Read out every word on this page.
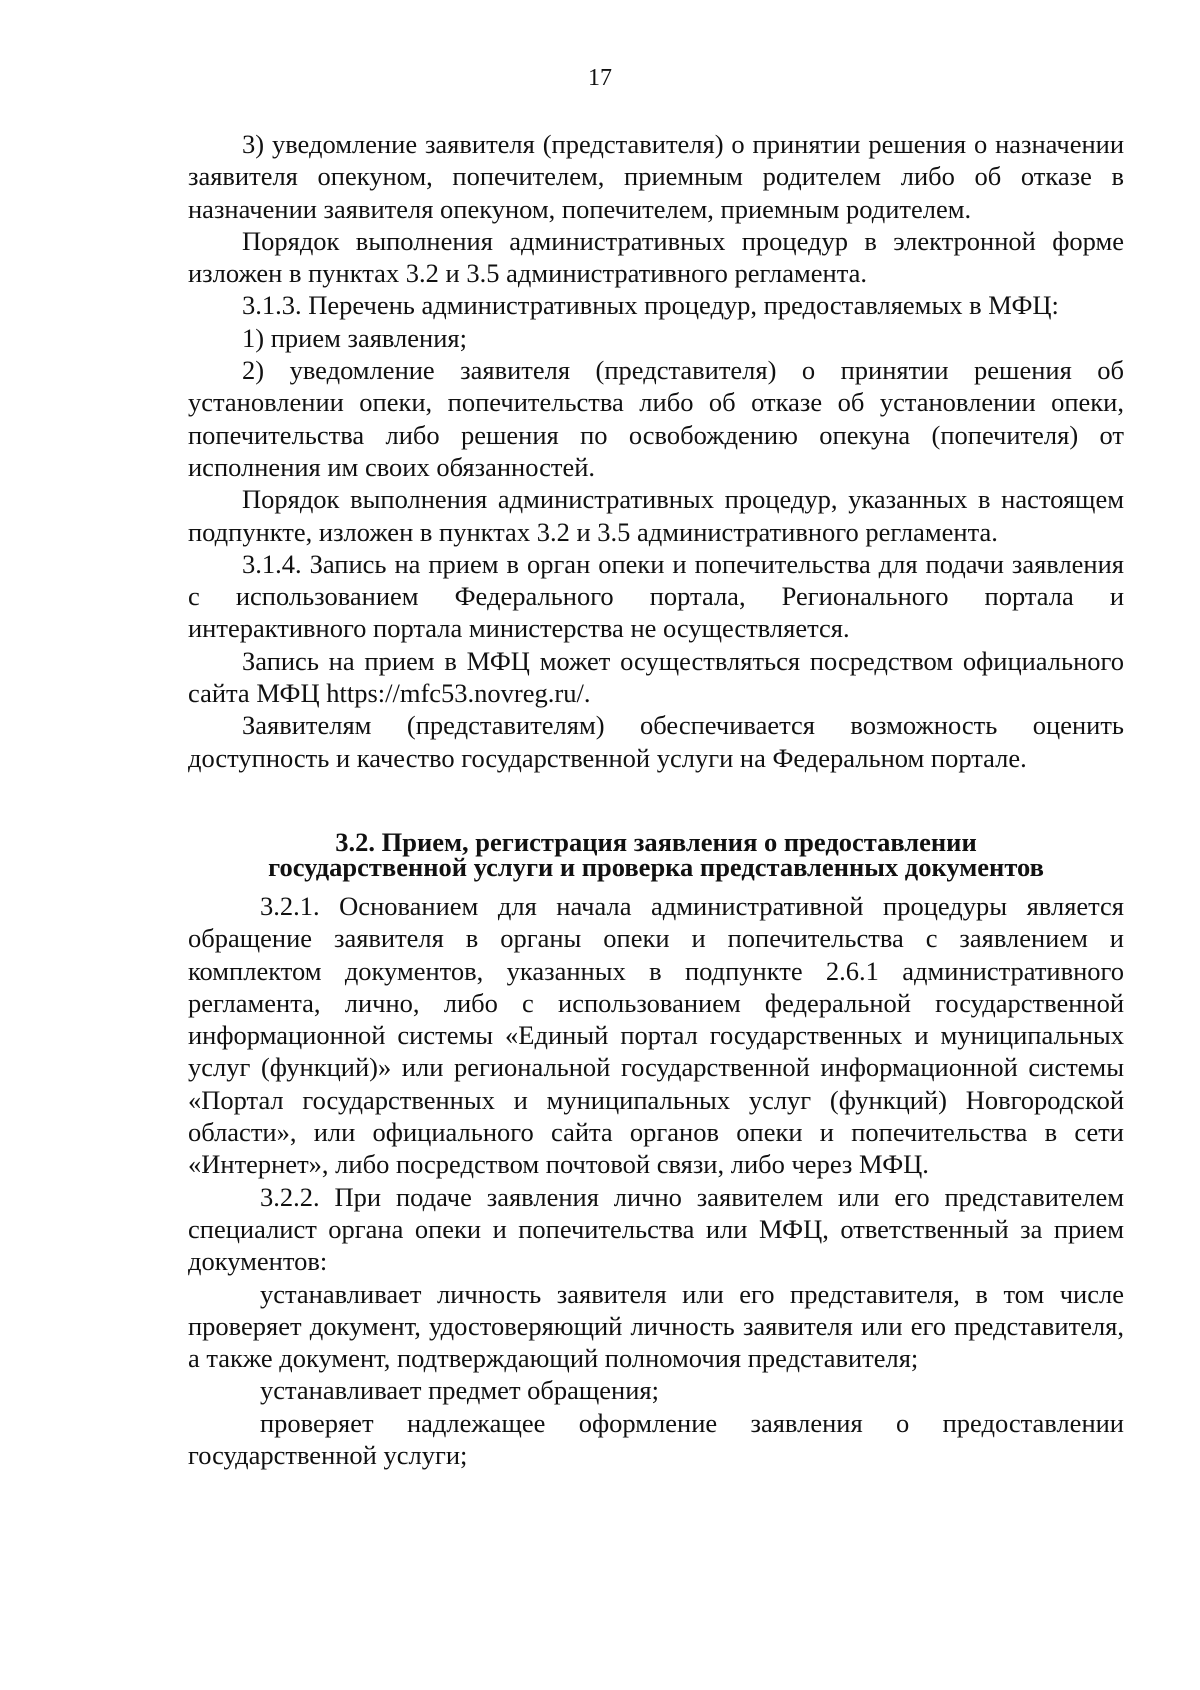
17

3) уведомление заявителя (представителя) о принятии решения о назначении заявителя опекуном, попечителем, приемным родителем либо об отказе в назначении заявителя опекуном, попечителем, приемным родителем.

Порядок выполнения административных процедур в электронной форме изложен в пунктах 3.2 и 3.5 административного регламента.

3.1.3. Перечень административных процедур, предоставляемых в МФЦ:

1) прием заявления;

2) уведомление заявителя (представителя) о принятии решения об установлении опеки, попечительства либо об отказе об установлении опеки, попечительства либо решения по освобождению опекуна (попечителя) от исполнения им своих обязанностей.

Порядок выполнения административных процедур, указанных в настоящем подпункте, изложен в пунктах 3.2 и 3.5 административного регламента.

3.1.4. Запись на прием в орган опеки и попечительства для подачи заявления с использованием Федерального портала, Регионального портала и интерактивного портала министерства не осуществляется.

Запись на прием в МФЦ может осуществляться посредством официального сайта МФЦ https://mfc53.novreg.ru/.

Заявителям (представителям) обеспечивается возможность оценить доступность и качество государственной услуги на Федеральном портале.

3.2. Прием, регистрация заявления о предоставлении
государственной услуги и проверка представленных документов

3.2.1. Основанием для начала административной процедуры является обращение заявителя в органы опеки и попечительства с заявлением и комплектом документов, указанных в подпункте 2.6.1 административного регламента, лично, либо с использованием федеральной государственной информационной системы «Единый портал государственных и муниципальных услуг (функций)» или региональной государственной информационной системы «Портал государственных и муниципальных услуг (функций) Новгородской области», или официального сайта органов опеки и попечительства в сети «Интернет», либо посредством почтовой связи, либо через МФЦ.

3.2.2. При подаче заявления лично заявителем или его представителем специалист органа опеки и попечительства или МФЦ, ответственный за прием документов:

устанавливает личность заявителя или его представителя, в том числе проверяет документ, удостоверяющий личность заявителя или его представителя, а также документ, подтверждающий полномочия представителя;

устанавливает предмет обращения;

проверяет надлежащее оформление заявления о предоставлении государственной услуги;
